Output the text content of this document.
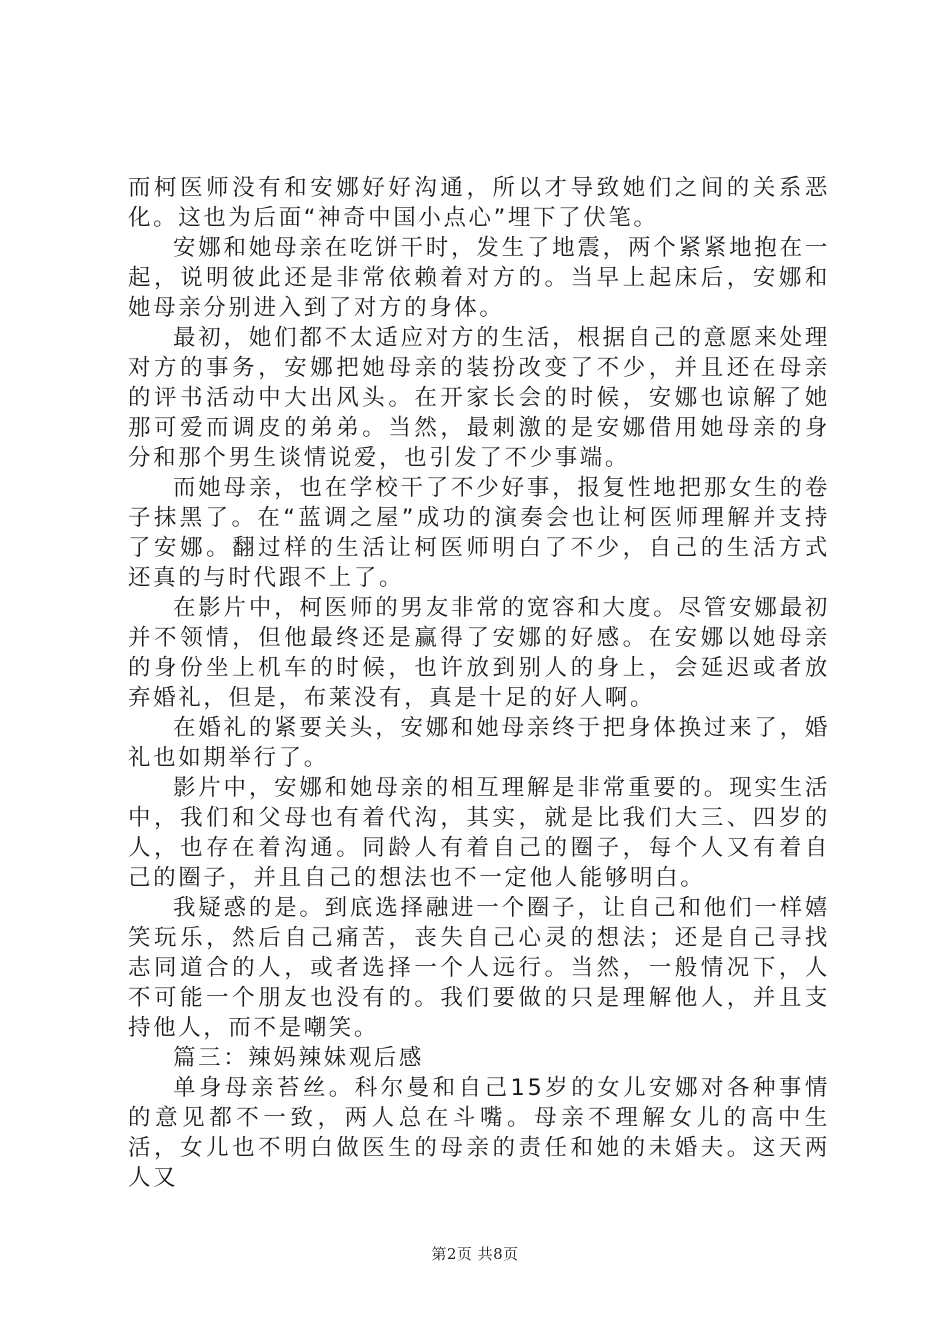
而柯医师没有和安娜好好沟通，所以才导致她们之间的关系恶化。这也为后面“神奇中国小点心”埋下了伏笔。

安娜和她母亲在吃饼干时，发生了地震，两个紧紧地抱在一起，说明彼此还是非常依赖着对方的。当早上起床后，安娜和她母亲分别进入到了对方的身体。

最初，她们都不太适应对方的生活，根据自己的意愿来处理对方的事务，安娜把她母亲的装扮改变了不少，并且还在母亲的评书活动中大出风头。在开家长会的时候，安娜也谅解了她那可爱而调皮的弟弟。当然，最刺激的是安娜借用她母亲的身分和那个男生谈情说爱，也引发了不少事端。

而她母亲，也在学校干了不少好事，报复性地把那女生的卷子抹黑了。在“蓝调之屋”成功的演奏会也让柯医师理解并支持了安娜。翻过样的生活让柯医师明白了不少，自己的生活方式还真的与时代跟不上了。

在影片中，柯医师的男友非常的宽容和大度。尽管安娜最初并不领情，但他最终还是赢得了安娜的好感。在安娜以她母亲的身份坐上机车的时候，也许放到别人的身上，会延迟或者放弃婚礼，但是，布莱没有，真是十足的好人啊。

在婚礼的紧要关头，安娜和她母亲终于把身体换过来了，婚礼也如期举行了。

影片中，安娜和她母亲的相互理解是非常重要的。现实生活中，我们和父母也有着代沟，其实，就是比我们大三、四岁的人，也存在着沟通。同龄人有着自己的圈子，每个人又有着自己的圈子，并且自己的想法也不一定他人能够明白。

我疑惑的是。到底选择融进一个圈子，让自己和他们一样嬉笑玩乐，然后自己痛苦，丧失自己心灵的想法；还是自己寻找志同道合的人，或者选择一个人远行。当然，一般情况下，人不可能一个朋友也没有的。我们要做的只是理解他人，并且支持他人，而不是嘲笑。

篇三：辣妈辣妹观后感

单身母亲苔丝。科尔曼和自己15岁的女儿安娜对各种事情的意见都不一致，两人总在斗嘴。母亲不理解女儿的高中生活，女儿也不明白做医生的母亲的责任和她的未婚夫。这天两人又

第2页 共8页
